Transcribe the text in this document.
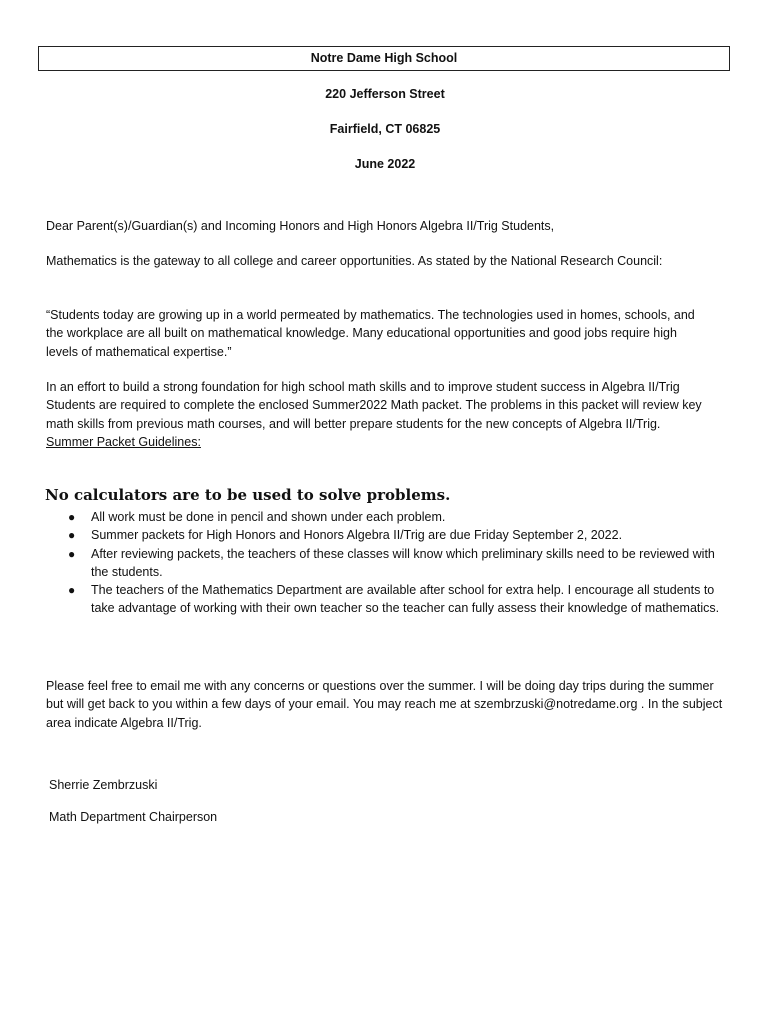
Notre Dame High School
220 Jefferson Street
Fairfield, CT 06825
June 2022

Dear Parent(s)/Guardian(s) and Incoming Honors and High Honors Algebra II/Trig Students,

Mathematics is the gateway to all college and career opportunities. As stated by the National Research Council:

“Students today are growing up in a world permeated by mathematics. The technologies used in homes, schools, and the workplace are all built on mathematical knowledge. Many educational opportunities and good jobs require high levels of mathematical expertise.”

In an effort to build a strong foundation for high school math skills and to improve student success in Algebra II/Trig Students are required to complete the enclosed Summer2022 Math packet. The problems in this packet will review key math skills from previous math courses, and will better prepare students for the new concepts of Algebra II/Trig.

Summer Packet Guidelines:

No calculators are to be used to solve problems.
● All work must be done in pencil and shown under each problem.
● Summer packets for High Honors and Honors Algebra II/Trig are due Friday September 2, 2022.
● After reviewing packets, the teachers of these classes will know which preliminary skills need to be reviewed with the students.
● The teachers of the Mathematics Department are available after school for extra help. I encourage all students to take advantage of working with their own teacher so the teacher can fully assess their knowledge of mathematics.

Please feel free to email me with any concerns or questions over the summer. I will be doing day trips during the summer but will get back to you within a few days of your email. You may reach me at szembrzuski@notredame.org . In the subject area indicate Algebra II/Trig.

Sherrie Zembrzuski
Math Department Chairperson
